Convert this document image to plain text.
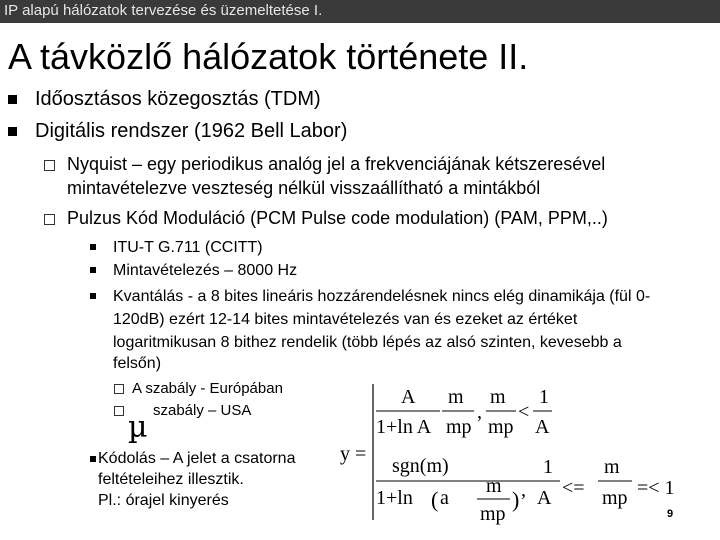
IP alapú hálózatok tervezése és üzemeltetése I.
A távközlő hálózatok története II.
Időosztásos közegosztás (TDM)
Digitális rendszer (1962 Bell Labor)
Nyquist – egy periodikus analóg jel a frekvenciájának kétszeresével
mintavételezve veszteség nélkül visszaállítható a mintákból
Pulzus Kód Moduláció (PCM Pulse code modulation) (PAM, PPM,..)
ITU-T G.711 (CCITT)
Mintavételezés – 8000 Hz
Kvantálás - a 8 bites lineáris hozzárendelésnek nincs elég dinamikája (fül 0-
120dB) ezért 12-14 bites mintavételezés van és ezeket az értéket
logaritmikusan 8 bithez rendelik (több lépés az alsó szinten, kevesebb a
felsőn)
A szabály - Európában
szabály – USA
µ
Kódolás – A jelet a csatorna
feltételeihez illesztik.
Pl.: órajel kinyerés
y =
A
1+ln A
m
mp
,
m
mp
<
1
A
sgn(m)
1+ln ( a
m
mp
) ,
1
A <=
m
mp =< 1
9
